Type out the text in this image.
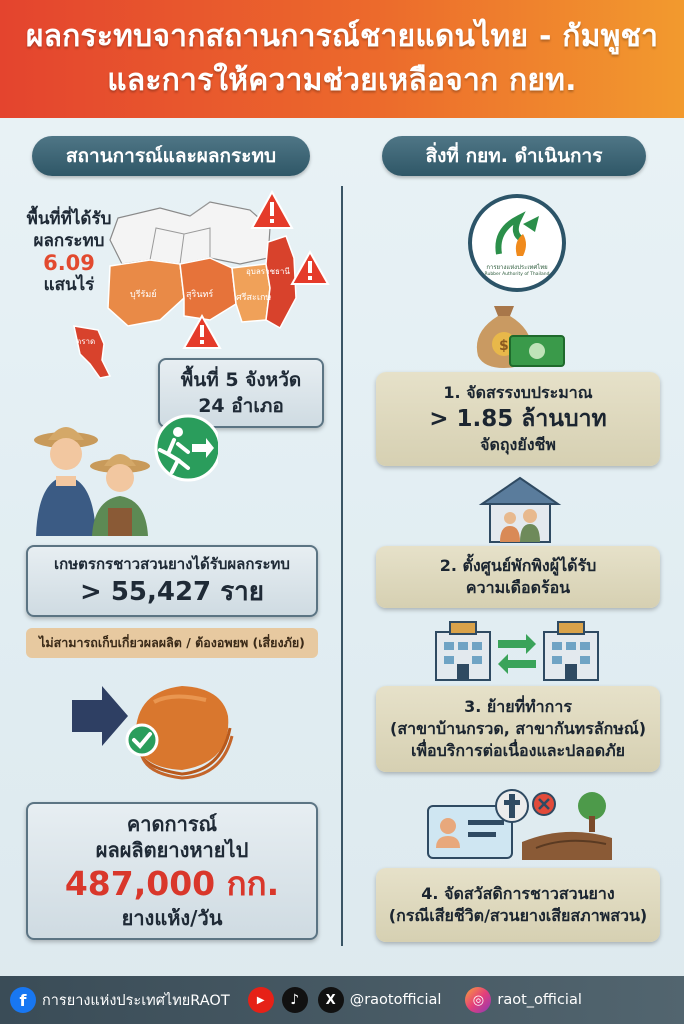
ผลกระทบจากสถานการณ์ชายแดนไทย - กัมพูชา
และการให้ความช่วยเหลือจาก กยท.
สถานการณ์และผลกระทบ	สิ่งที่ กยท. ดำเนินการ
พื้นที่ที่ได้รับ
ผลกระทบ
6.09
แสนไร่	บุรีรัมย์	สุรินทร์	ศรีสะเกษ
อุบลราชธานี
ตราด
พื้นที่ 5 จังหวัด
24 อำเภอ
เกษตรกรชาวสวนยางได้รับผลกระทบ
> 55,427 ราย
ไม่สามารถเก็บเกี่ยวผลผลิต / ต้องอพยพ (เสี่ยงภัย)
คาดการณ์
ผลผลิตยางหายไป
487,000 กก.
ยางแห้ง/วัน
การยางแห่งประเทศไทย
Rubber Authority of Thailand
$
1. จัดสรรงบประมาณ
> 1.85 ล้านบาท
จัดถุงยังชีพ
2. ตั้งศูนย์พักพิงผู้ได้รับ
ความเดือดร้อน
3. ย้ายที่ทำการ
(สาขาบ้านกรวด, สาขากันทรลักษณ์)
เพื่อบริการต่อเนื่องและปลอดภัย
4. จัดสวัสดิการชาวสวนยาง
(กรณีเสียชีวิต/สวนยางเสียสภาพสวน)
f	การยางแห่งประเทศไทยRAOT	▶	♪	X @raotofficial	◎ raot_official
